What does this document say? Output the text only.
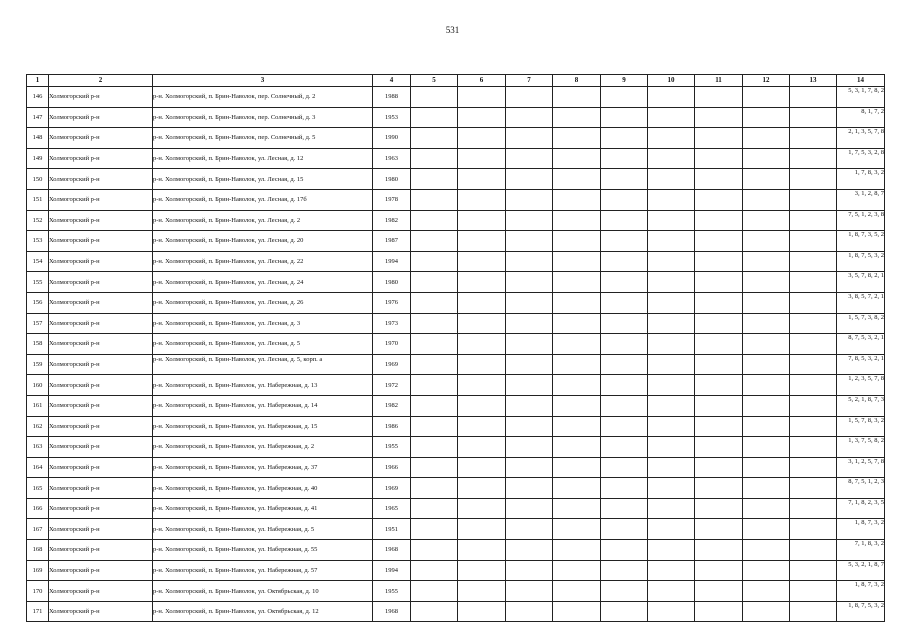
531
1	2	3	4	5	6	7	8	9	10	11	12	13	14
146	Холмогорский р-н	р-н. Холмогорский, п. Брин-Наволок, пер. Солнечный, д. 2	1988										5, 3, 1, 7, 8, 2
147	Холмогорский р-н	р-н. Холмогорский, п. Брин-Наволок, пер. Солнечный, д. 3	1953										8, 1, 7, 2
148	Холмогорский р-н	р-н. Холмогорский, п. Брин-Наволок, пер. Солнечный, д. 5	1990										2, 1, 3, 5, 7, 8
149	Холмогорский р-н	р-н. Холмогорский, п. Брин-Наволок, ул. Лесная, д. 12	1963										1, 7, 5, 3, 2, 8
150	Холмогорский р-н	р-н. Холмогорский, п. Брин-Наволок, ул. Лесная, д. 15	1980										1, 7, 8, 3, 2
151	Холмогорский р-н	р-н. Холмогорский, п. Брин-Наволок, ул. Лесная, д. 17б	1978										3, 1, 2, 8, 7
152	Холмогорский р-н	р-н. Холмогорский, п. Брин-Наволок, ул. Лесная, д. 2	1982										7, 5, 1, 2, 3, 8
153	Холмогорский р-н	р-н. Холмогорский, п. Брин-Наволок, ул. Лесная, д. 20	1987										1, 8, 7, 3, 5, 2
154	Холмогорский р-н	р-н. Холмогорский, п. Брин-Наволок, ул. Лесная, д. 22	1994										1, 8, 7, 5, 3, 2
155	Холмогорский р-н	р-н. Холмогорский, п. Брин-Наволок, ул. Лесная, д. 24	1980										3, 5, 7, 8, 2, 1
156	Холмогорский р-н	р-н. Холмогорский, п. Брин-Наволок, ул. Лесная, д. 26	1976										3, 8, 5, 7, 2, 1
157	Холмогорский р-н	р-н. Холмогорский, п. Брин-Наволок, ул. Лесная, д. 3	1973										1, 5, 7, 3, 8, 2
158	Холмогорский р-н	р-н. Холмогорский, п. Брин-Наволок, ул. Лесная, д. 5	1970										8, 7, 5, 3, 2, 1
159	Холмогорский р-н	р-н. Холмогорский, п. Брин-Наволок, ул. Лесная, д. 5, корп. а	1969										7, 8, 5, 3, 2, 1
160	Холмогорский р-н	р-н. Холмогорский, п. Брин-Наволок, ул. Набережная, д. 13	1972										1, 2, 3, 5, 7, 8
161	Холмогорский р-н	р-н. Холмогорский, п. Брин-Наволок, ул. Набережная, д. 14	1982										5, 2, 1, 8, 7, 3
162	Холмогорский р-н	р-н. Холмогорский, п. Брин-Наволок, ул. Набережная, д. 15	1986										1, 5, 7, 8, 3, 2
163	Холмогорский р-н	р-н. Холмогорский, п. Брин-Наволок, ул. Набережная, д. 2	1955										1, 3, 7, 5, 8, 2
164	Холмогорский р-н	р-н. Холмогорский, п. Брин-Наволок, ул. Набережная, д. 37	1966										3, 1, 2, 5, 7, 8
165	Холмогорский р-н	р-н. Холмогорский, п. Брин-Наволок, ул. Набережная, д. 40	1969										8, 7, 5, 1, 2, 3
166	Холмогорский р-н	р-н. Холмогорский, п. Брин-Наволок, ул. Набережная, д. 41	1965										7, 1, 8, 2, 3, 5
167	Холмогорский р-н	р-н. Холмогорский, п. Брин-Наволок, ул. Набережная, д. 5	1951										1, 8, 7, 3, 2
168	Холмогорский р-н	р-н. Холмогорский, п. Брин-Наволок, ул. Набережная, д. 55	1968										7, 1, 8, 3, 2
169	Холмогорский р-н	р-н. Холмогорский, п. Брин-Наволок, ул. Набережная, д. 57	1994										5, 3, 2, 1, 8, 7
170	Холмогорский р-н	р-н. Холмогорский, п. Брин-Наволок, ул. Октябрьская, д. 10	1955										1, 8, 7, 3, 2
171	Холмогорский р-н	р-н. Холмогорский, п. Брин-Наволок, ул. Октябрьская, д. 12	1968										1, 8, 7, 5, 3, 2
